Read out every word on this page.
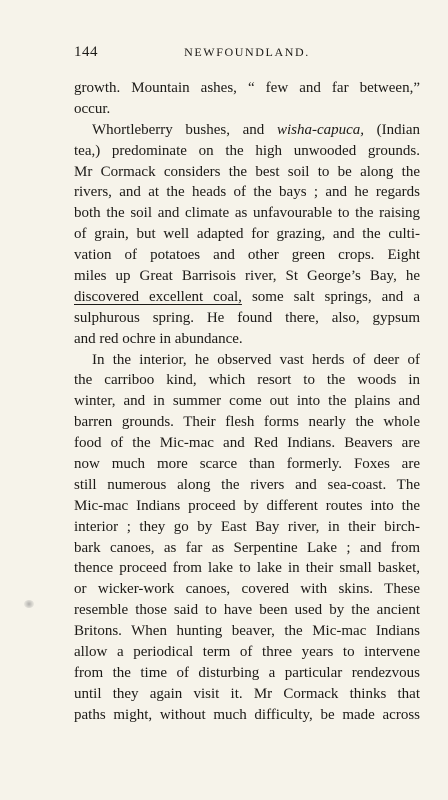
144	NEWFOUNDLAND.
growth. Mountain ashes, “ few and far between,”
occur.
Whortleberry bushes, and wisha-capuca, (Indian
tea,) predominate on the high unwooded grounds.
Mr Cormack considers the best soil to be along the
rivers, and at the heads of the bays ; and he regards
both the soil and climate as unfavourable to the raising
of grain, but well adapted for grazing, and the culti-
vation of potatoes and other green crops. Eight
miles up Great Barrisois river, St George’s Bay, he
discovered excellent coal, some salt springs, and a
sulphurous spring. He found there, also, gypsum
and red ochre in abundance.
In the interior, he observed vast herds of deer of
the carriboo kind, which resort to the woods in
winter, and in summer come out into the plains and
barren grounds. Their flesh forms nearly the whole
food of the Mic-mac and Red Indians. Beavers are
now much more scarce than formerly. Foxes are
still numerous along the rivers and sea-coast. The
Mic-mac Indians proceed by different routes into the
interior ; they go by East Bay river, in their birch-
bark canoes, as far as Serpentine Lake ; and from
thence proceed from lake to lake in their small basket,
or wicker-work canoes, covered with skins. These
resemble those said to have been used by the ancient
Britons. When hunting beaver, the Mic-mac Indians
allow a periodical term of three years to intervene
from the time of disturbing a particular rendezvous
until they again visit it. Mr Cormack thinks that
paths might, without much difficulty, be made across
